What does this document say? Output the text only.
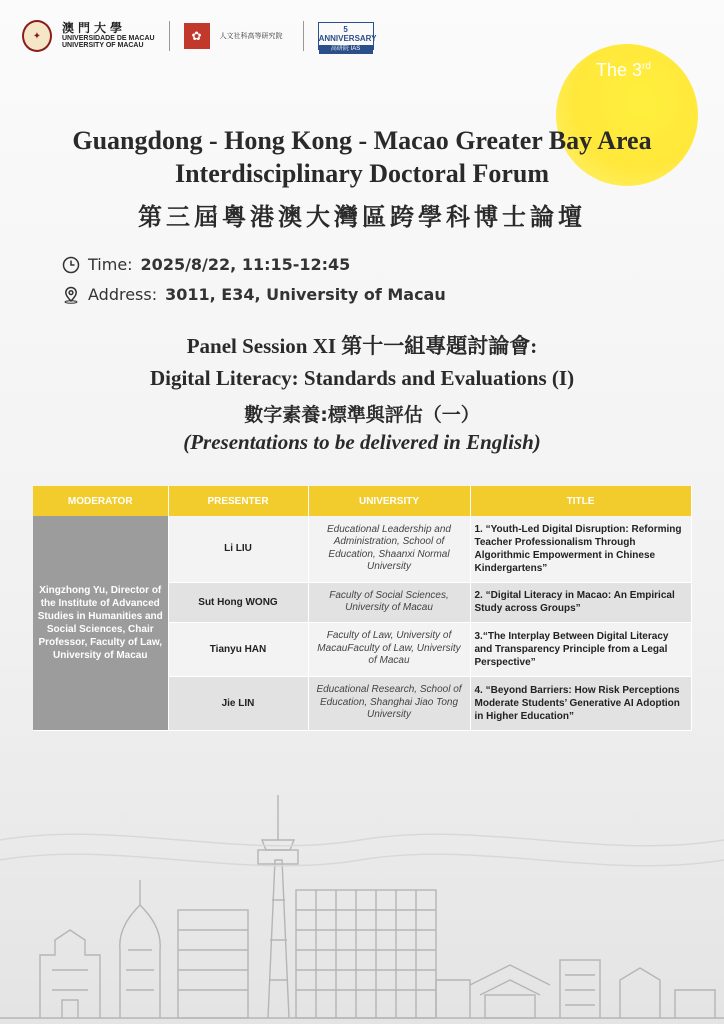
✦
澳門大學
UNIVERSIDADE DE MACAU
UNIVERSITY OF MACAU
✿	人文社科高等研究院
5 ANNIVERSARY
高研院 IAS
The 3rd
Guangdong - Hong Kong - Macao Greater Bay Area
Interdisciplinary Doctoral Forum
第三屆粵港澳大灣區跨學科博士論壇
Time: 2025/8/22, 11:15-12:45
Address: 3011, E34, University of Macau
Panel Session XI 第十一組專題討論會:
Digital Literacy: Standards and Evaluations (I)
數字素養:標準與評估（一）
(Presentations to be delivered in English)
MODERATOR	PRESENTER	UNIVERSITY	TITLE
Xingzhong Yu, Director of the Institute of Advanced Studies in Humanities and Social Sciences, Chair Professor, Faculty of Law, University of Macau	Li LIU	Educational Leadership and Administration, School of Education, Shaanxi Normal University	1. “Youth-Led Digital Disruption: Reforming Teacher Professionalism Through Algorithmic Empowerment in Chinese Kindergartens”
	Sut Hong WONG	Faculty of Social Sciences, University of Macau	2. “Digital Literacy in Macao: An Empirical Study across Groups”
	Tianyu HAN	Faculty of Law, University of MacauFaculty of Law, University of Macau	3.“The Interplay Between Digital Literacy and Transparency Principle from a Legal Perspective”
	Jie LIN	Educational Research, School of Education, Shanghai Jiao Tong University	4. “Beyond Barriers: How Risk Perceptions Moderate Students’ Generative AI Adoption in Higher Education”
